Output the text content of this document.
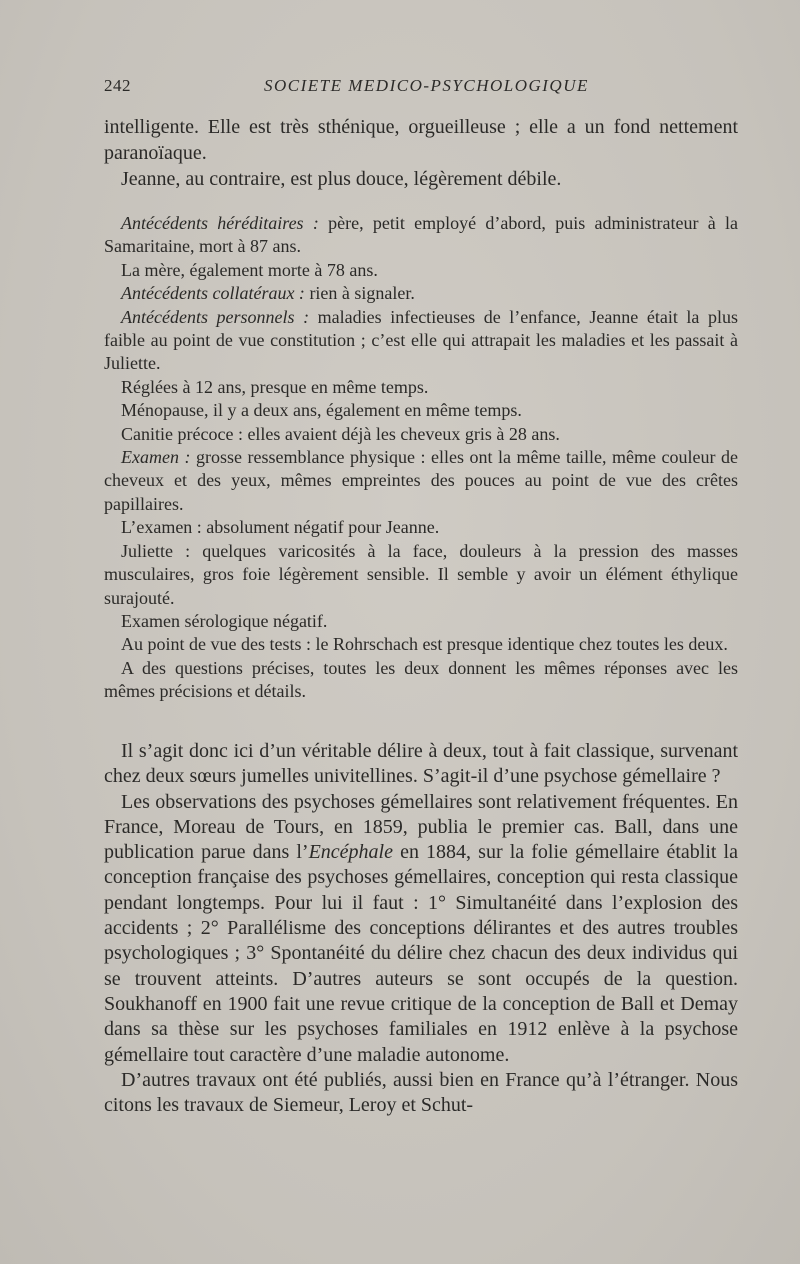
242	SOCIETE MEDICO-PSYCHOLOGIQUE

intelligente. Elle est très sthénique, orgueilleuse ; elle a un fond nettement paranoïaque.

Jeanne, au contraire, est plus douce, légèrement débile.

Antécédents héréditaires : père, petit employé d’abord, puis administrateur à la Samaritaine, mort à 87 ans.

La mère, également morte à 78 ans.

Antécédents collatéraux : rien à signaler.

Antécédents personnels : maladies infectieuses de l’enfance, Jeanne était la plus faible au point de vue constitution ; c’est elle qui attrapait les maladies et les passait à Juliette.

Réglées à 12 ans, presque en même temps.

Ménopause, il y a deux ans, également en même temps.

Canitie précoce : elles avaient déjà les cheveux gris à 28 ans.

Examen : grosse ressemblance physique : elles ont la même taille, même couleur de cheveux et des yeux, mêmes empreintes des pouces au point de vue des crêtes papillaires.

L’examen : absolument négatif pour Jeanne.

Juliette : quelques varicosités à la face, douleurs à la pression des masses musculaires, gros foie légèrement sensible. Il semble y avoir un élément éthylique surajouté.

Examen sérologique négatif.

Au point de vue des tests : le Rohrschach est presque identique chez toutes les deux.

A des questions précises, toutes les deux donnent les mêmes réponses avec les mêmes précisions et détails.

Il s’agit donc ici d’un véritable délire à deux, tout à fait classique, survenant chez deux sœurs jumelles univitellines. S’agit-il d’une psychose gémellaire ?

Les observations des psychoses gémellaires sont relativement fréquentes. En France, Moreau de Tours, en 1859, publia le premier cas. Ball, dans une publication parue dans l’Encéphale en 1884, sur la folie gémellaire établit la conception française des psychoses gémellaires, conception qui resta classique pendant longtemps. Pour lui il faut : 1° Simultanéité dans l’explosion des accidents ; 2° Parallélisme des conceptions délirantes et des autres troubles psychologiques ; 3° Spontanéité du délire chez chacun des deux individus qui se trouvent atteints. D’autres auteurs se sont occupés de la question. Soukhanoff en 1900 fait une revue critique de la conception de Ball et Demay dans sa thèse sur les psychoses familiales en 1912 enlève à la psychose gémellaire tout caractère d’une maladie autonome.

D’autres travaux ont été publiés, aussi bien en France qu’à l’étranger. Nous citons les travaux de Siemeur, Leroy et Schut-
